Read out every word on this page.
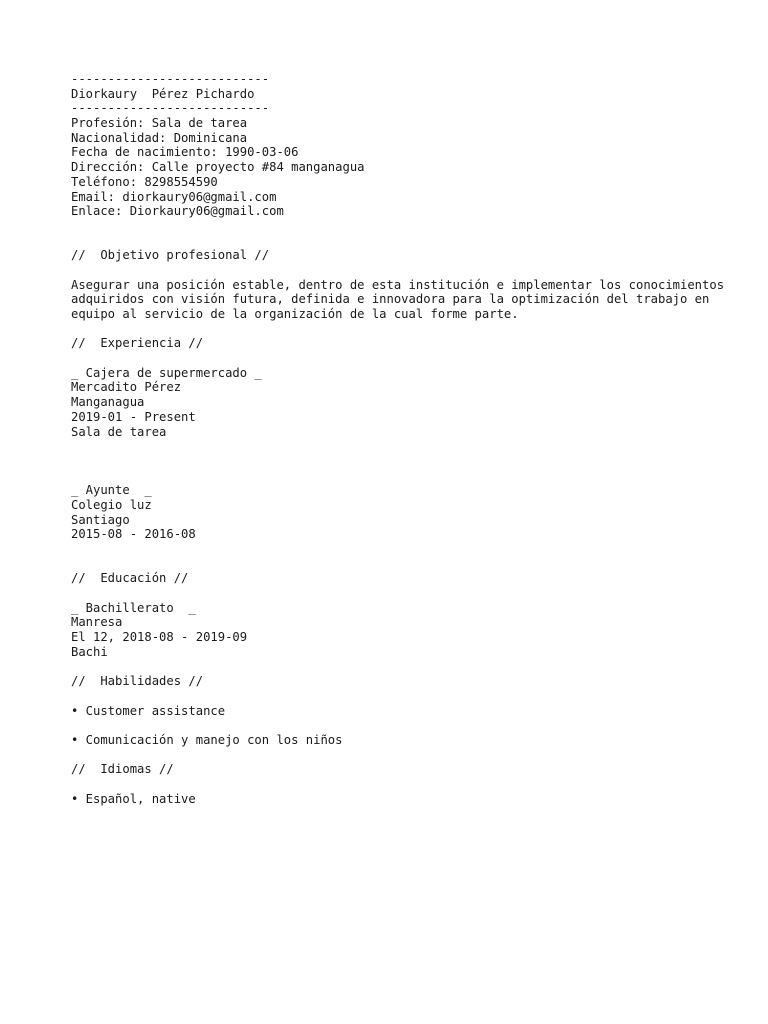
---------------------------
Diorkaury  Pérez Pichardo
---------------------------
Profesión: Sala de tarea
Nacionalidad: Dominicana
Fecha de nacimiento: 1990-03-06
Dirección: Calle proyecto #84 manganagua
Teléfono: 8298554590
Email: diorkaury06@gmail.com
Enlace: Diorkaury06@gmail.com
//  Objetivo profesional //
Asegurar una posición estable, dentro de esta institución e implementar los conocimientos adquiridos con visión futura, definida e innovadora para la optimización del trabajo en equipo al servicio de la organización de la cual forme parte.
//  Experiencia //
_ Cajera de supermercado _
Mercadito Pérez
Manganagua
2019-01 - Present
Sala de tarea
_ Ayunte  _
Colegio luz
Santiago
2015-08 - 2016-08
//  Educación //
_ Bachillerato  _
Manresa
El 12, 2018-08 - 2019-09
Bachi
//  Habilidades //
• Customer assistance
• Comunicación y manejo con los niños
//  Idiomas //
• Español, native
